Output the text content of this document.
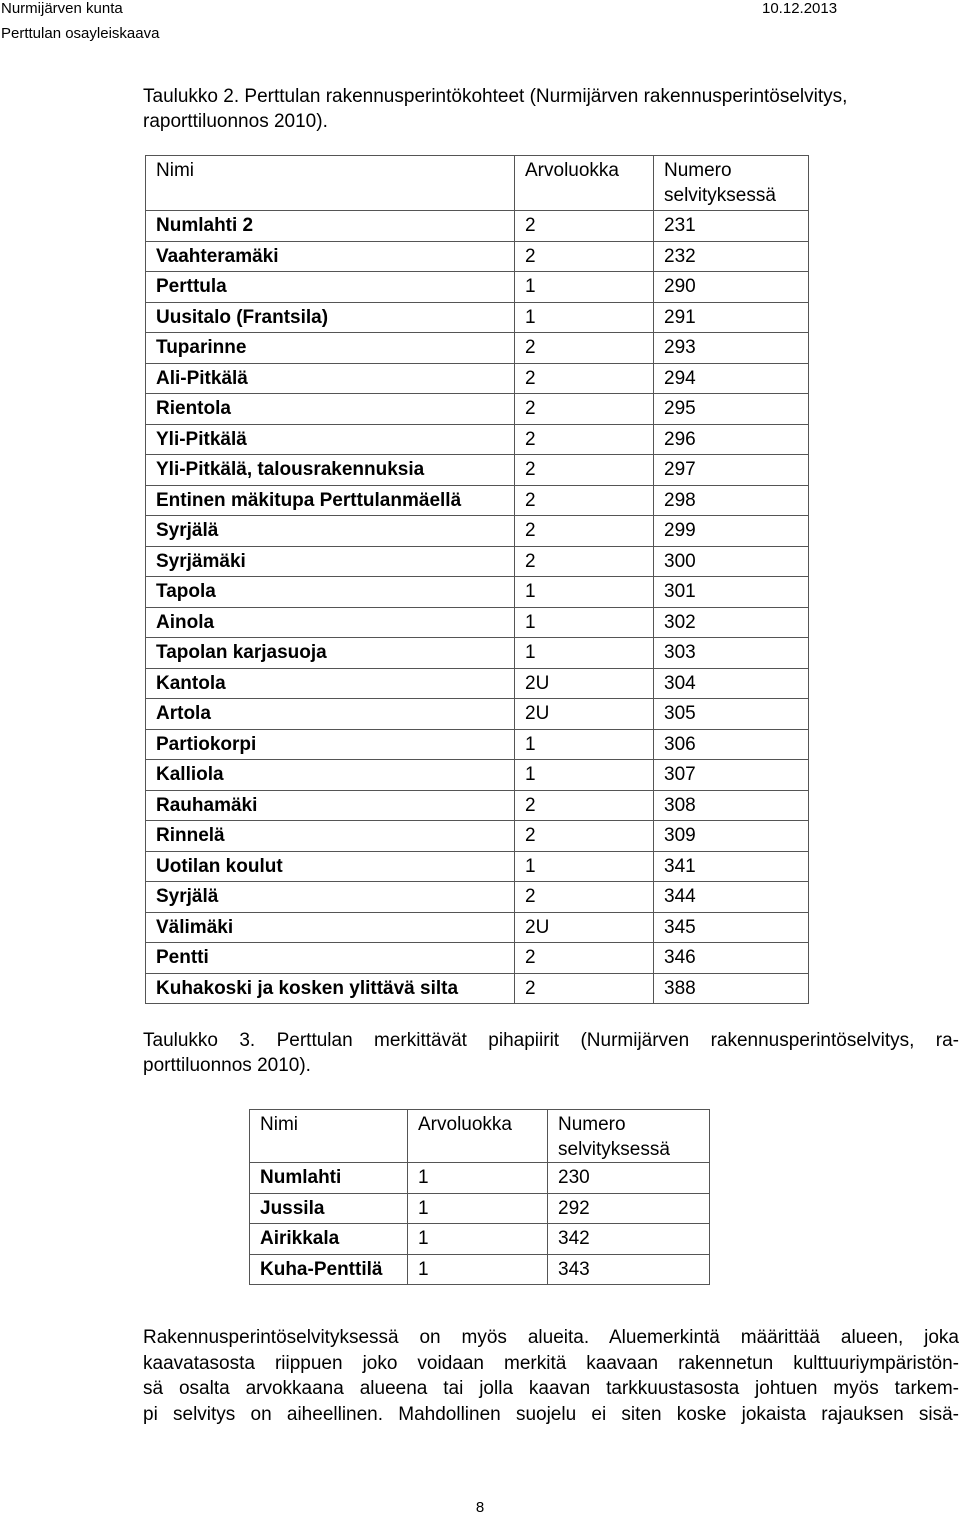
Nurmijärven kunta	10.12.2013
Perttulan osayleiskaava
Taulukko 2. Perttulan rakennusperintökohteet (Nurmijärven rakennusperintöselvitys,
raporttiluonnos 2010).
Nimi	Arvoluokka	Numero selvityksessä

Numlahti 2	2	231

Vaahteramäki	2	232

Perttula	1	290

Uusitalo (Frantsila)	1	291

Tuparinne	2	293

Ali-Pitkälä	2	294

Rientola	2	295

Yli-Pitkälä	2	296

Yli-Pitkälä, talousrakennuksia	2	297

Entinen mäkitupa Perttulanmäellä	2	298

Syrjälä	2	299

Syrjämäki	2	300

Tapola	1	301

Ainola	1	302

Tapolan karjasuoja	1	303

Kantola	2U	304

Artola	2U	305

Partiokorpi	1	306

Kalliola	1	307

Rauhamäki	2	308

Rinnelä	2	309

Uotilan koulut	1	341

Syrjälä	2	344

Välimäki	2U	345

Pentti	2	346

Kuhakoski ja kosken ylittävä silta	2	388
Taulukko 3. Perttulan merkittävät pihapiirit (Nurmijärven rakennusperintöselvitys, ra-
porttiluonnos 2010).
Nimi	Arvoluokka	Numero selvityksessä

Numlahti	1	230

Jussila	1	292

Airikkala	1	342

Kuha-Penttilä	1	343
Rakennusperintöselvityksessä on myös alueita. Aluemerkintä määrittää alueen, joka
kaavatasosta riippuen joko voidaan merkitä kaavaan rakennetun kulttuuriympäristön-
sä osalta arvokkaana alueena tai jolla kaavan tarkkuustasosta johtuen myös tarkem-
pi selvitys on aiheellinen. Mahdollinen suojelu ei siten koske jokaista rajauksen sisä-
8
